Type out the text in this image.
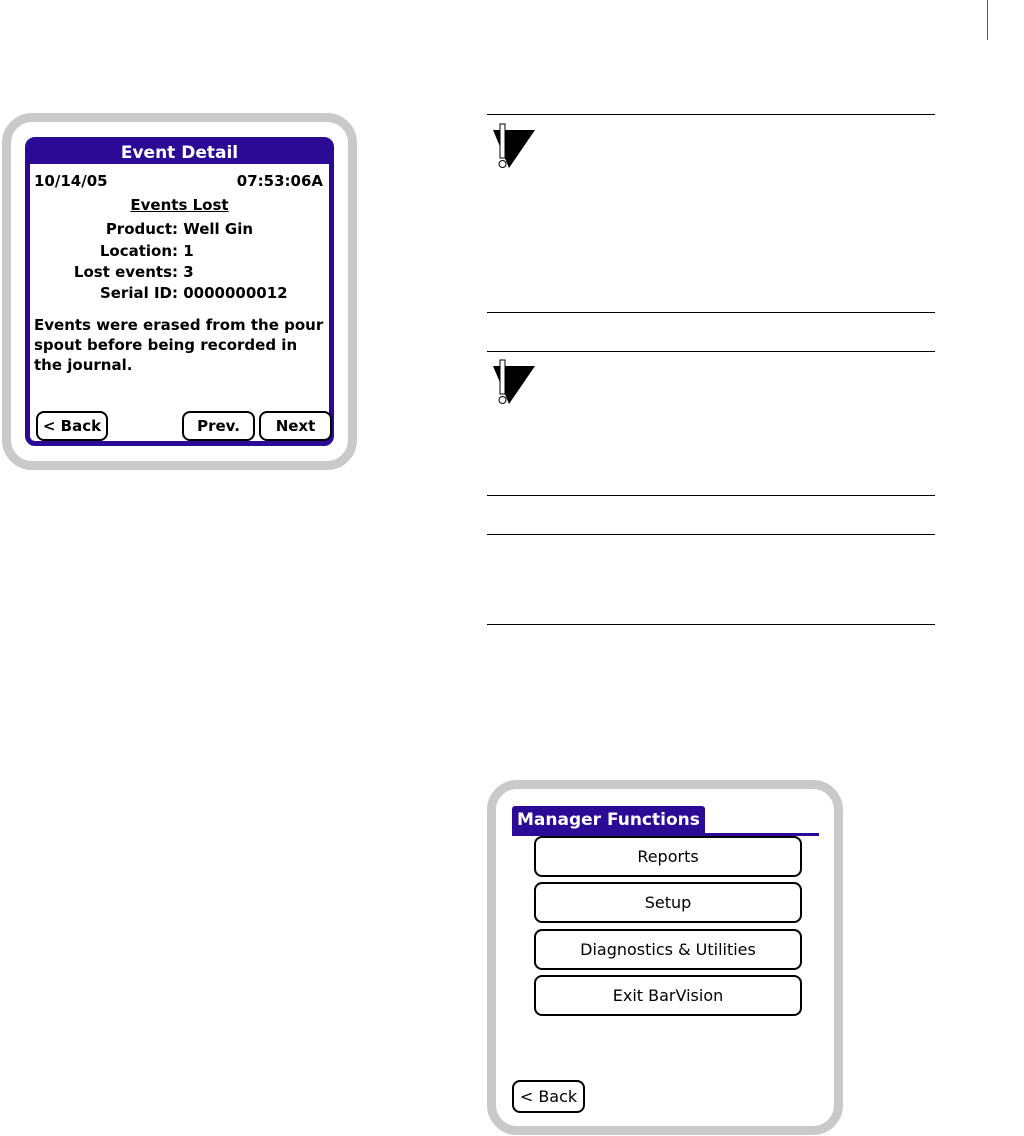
Event Detail
10/14/05	07:53:06A
Events Lost
Product: Well Gin
Location: 1
Lost events: 3
Serial ID: 0000000012
Events were erased from the pour spout before being recorded in the journal.
< Back	Prev.	Next
Manager Functions
Reports
Setup
Diagnostics & Utilities
Exit BarVision
< Back
